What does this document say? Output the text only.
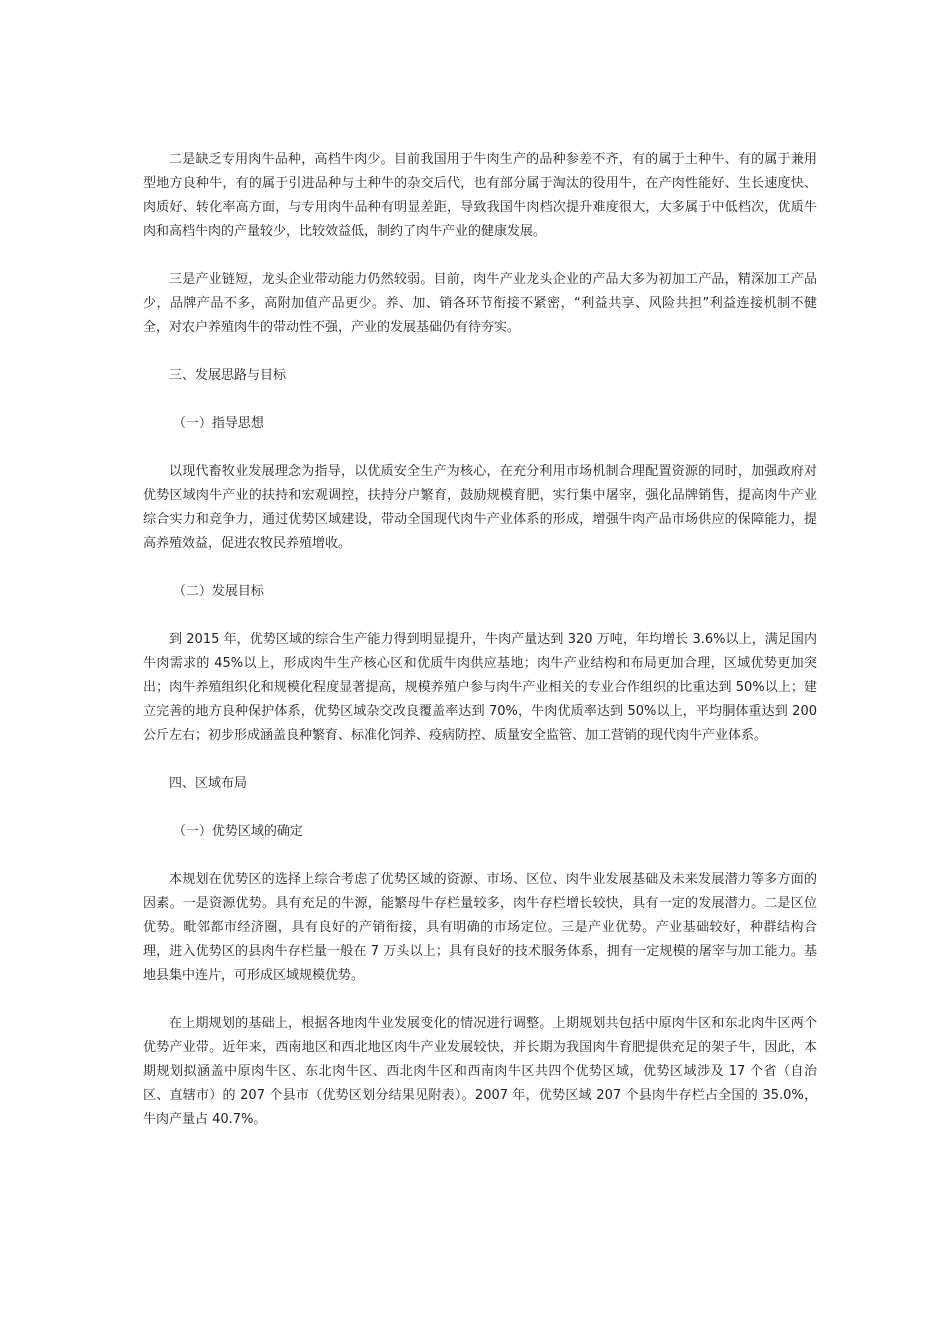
二是缺乏专用肉牛品种，高档牛肉少。目前我国用于牛肉生产的品种参差不齐，有的属于土种牛、有的属于兼用型地方良种牛，有的属于引进品种与土种牛的杂交后代，也有部分属于淘汰的役用牛，在产肉性能好、生长速度快、肉质好、转化率高方面，与专用肉牛品种有明显差距，导致我国牛肉档次提升难度很大，大多属于中低档次，优质牛肉和高档牛肉的产量较少，比较效益低，制约了肉牛产业的健康发展。

三是产业链短，龙头企业带动能力仍然较弱。目前，肉牛产业龙头企业的产品大多为初加工产品，精深加工产品少，品牌产品不多，高附加值产品更少。养、加、销各环节衔接不紧密，“利益共享、风险共担”利益连接机制不健全，对农户养殖肉牛的带动性不强，产业的发展基础仍有待夯实。

三、发展思路与目标

（一）指导思想

以现代畜牧业发展理念为指导，以优质安全生产为核心，在充分利用市场机制合理配置资源的同时，加强政府对优势区域肉牛产业的扶持和宏观调控，扶持分户繁育，鼓励规模育肥，实行集中屠宰，强化品牌销售，提高肉牛产业综合实力和竞争力，通过优势区域建设，带动全国现代肉牛产业体系的形成，增强牛肉产品市场供应的保障能力，提高养殖效益，促进农牧民养殖增收。

（二）发展目标

到 2015 年，优势区域的综合生产能力得到明显提升，牛肉产量达到 320 万吨，年均增长 3.6%以上，满足国内牛肉需求的 45%以上，形成肉牛生产核心区和优质牛肉供应基地；肉牛产业结构和布局更加合理，区域优势更加突出；肉牛养殖组织化和规模化程度显著提高，规模养殖户参与肉牛产业相关的专业合作组织的比重达到 50%以上；建立完善的地方良种保护体系，优势区域杂交改良覆盖率达到 70%，牛肉优质率达到 50%以上，平均胴体重达到 200 公斤左右；初步形成涵盖良种繁育、标准化饲养、疫病防控、质量安全监管、加工营销的现代肉牛产业体系。

四、区域布局

（一）优势区域的确定

本规划在优势区的选择上综合考虑了优势区域的资源、市场、区位、肉牛业发展基础及未来发展潜力等多方面的因素。一是资源优势。具有充足的牛源，能繁母牛存栏量较多，肉牛存栏增长较快，具有一定的发展潜力。二是区位优势。毗邻都市经济圈，具有良好的产销衔接，具有明确的市场定位。三是产业优势。产业基础较好，种群结构合理，进入优势区的县肉牛存栏量一般在 7 万头以上；具有良好的技术服务体系，拥有一定规模的屠宰与加工能力。基地县集中连片，可形成区域规模优势。

在上期规划的基础上，根据各地肉牛业发展变化的情况进行调整。上期规划共包括中原肉牛区和东北肉牛区两个优势产业带。近年来，西南地区和西北地区肉牛产业发展较快，并长期为我国肉牛育肥提供充足的架子牛，因此，本期规划拟涵盖中原肉牛区、东北肉牛区、西北肉牛区和西南肉牛区共四个优势区域，优势区域涉及 17 个省（自治区、直辖市）的 207 个县市（优势区划分结果见附表）。2007 年，优势区域 207 个县肉牛存栏占全国的 35.0%，牛肉产量占 40.7%。
